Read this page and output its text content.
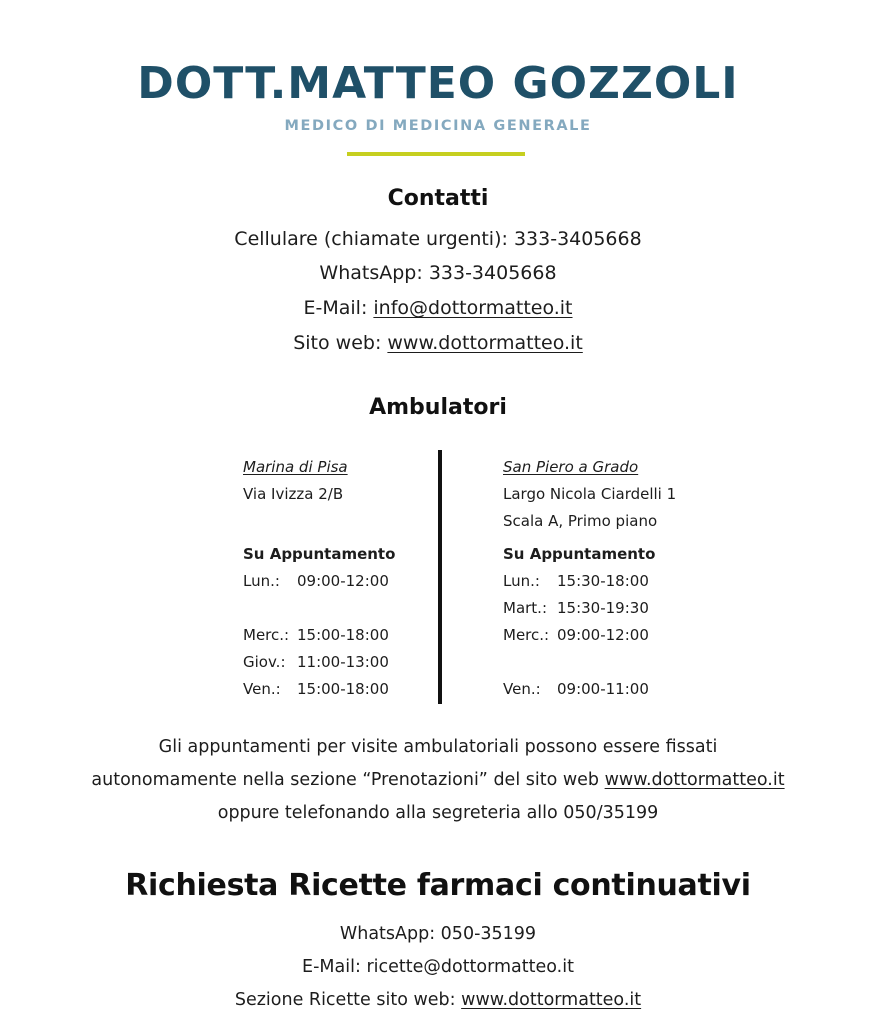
DOTT.MATTEO GOZZOLI
MEDICO DI MEDICINA GENERALE
Contatti
Cellulare (chiamate urgenti): 333-3405668
WhatsApp: 333-3405668
E-Mail: info@dottormatteo.it
Sito web: www.dottormatteo.it
Ambulatori
Marina di Pisa
Via Ivizza 2/B
Su Appuntamento
Lun.: 09:00-12:00
Merc.: 15:00-18:00
Giov.: 11:00-13:00
Ven.: 15:00-18:00
San Piero a Grado
Largo Nicola Ciardelli 1
Scala A, Primo piano
Su Appuntamento
Lun.: 15:30-18:00
Mart.: 15:30-19:30
Merc.: 09:00-12:00
Ven.: 09:00-11:00
Gli appuntamenti per visite ambulatoriali possono essere fissati
autonomamente nella sezione “Prenotazioni” del sito web www.dottormatteo.it
oppure telefonando alla segreteria allo 050/35199
Richiesta Ricette farmaci continuativi
WhatsApp: 050-35199
E-Mail: ricette@dottormatteo.it
Sezione Ricette sito web: www.dottormatteo.it
